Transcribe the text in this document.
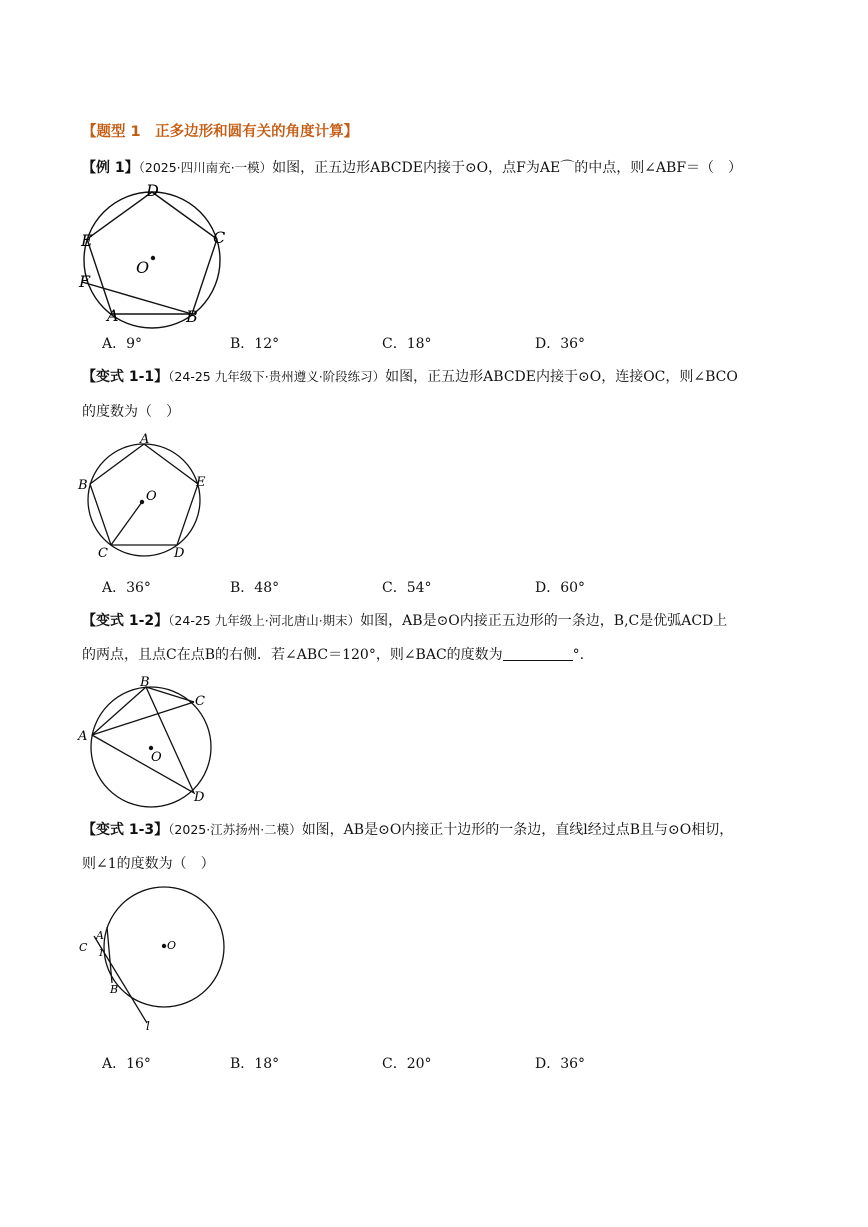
【题型 1　正多边形和圆有关的角度计算】
【例 1】（2025·四川南充·一模）如图，正五边形ABCDE内接于⊙O，点F为AE⌒的中点，则∠ABF＝（　）
D
E	C
O
F
A	B
A．9°	B．12°	C．18°	D．36°
【变式 1-1】（24-25 九年级下·贵州遵义·阶段练习）如图，正五边形ABCDE内接于⊙O，连接OC，则∠BCO
的度数为（　）
A
B	E
O
C	D
A．36°	B．48°	C．54°	D．60°
【变式 1-2】（24-25 九年级上·河北唐山·期末）如图，AB是⊙O内接正五边形的一条边，B,C是优弧ACD上
的两点，且点C在点B的右侧．若∠ABC＝120°，则∠BAC的度数为	°.
B
C
A
O
D
【变式 1-3】（2025·江苏扬州·二模）如图，AB是⊙O内接正十边形的一条边，直线l经过点B且与⊙O相切，
则∠1的度数为（　）
A
C 1
O
B
l
A．16°	B．18°	C．20°	D．36°
